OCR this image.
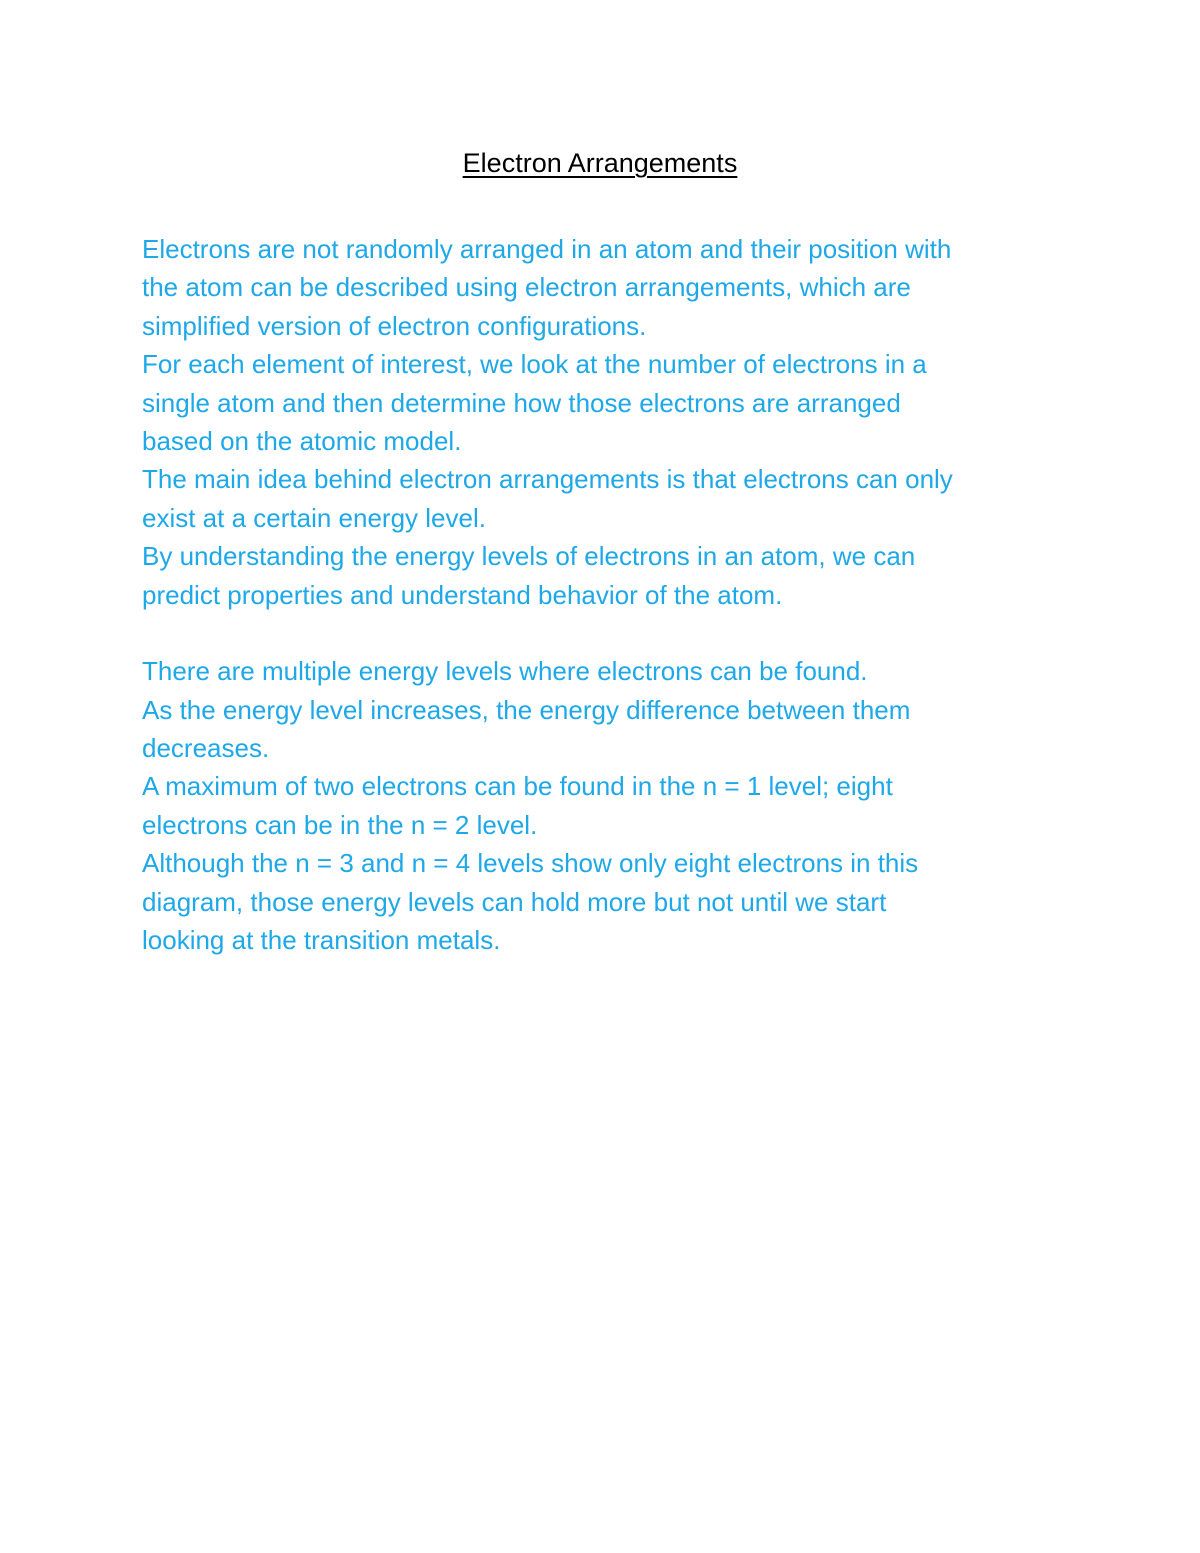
Electron Arrangements
Electrons are not randomly arranged in an atom and their position with
the atom can be described using electron arrangements, which are
simplified version of electron configurations.
For each element of interest, we look at the number of electrons in a
single atom and then determine how those electrons are arranged
based on the atomic model.
The main idea behind electron arrangements is that electrons can only
exist at a certain energy level.
By understanding the energy levels of electrons in an atom, we can
predict properties and understand behavior of the atom.
There are multiple energy levels where electrons can be found.
As the energy level increases, the energy difference between them
decreases.
A maximum of two electrons can be found in the n = 1 level; eight
electrons can be in the n = 2 level.
Although the n = 3 and n = 4 levels show only eight electrons in this
diagram, those energy levels can hold more but not until we start
looking at the transition metals.
